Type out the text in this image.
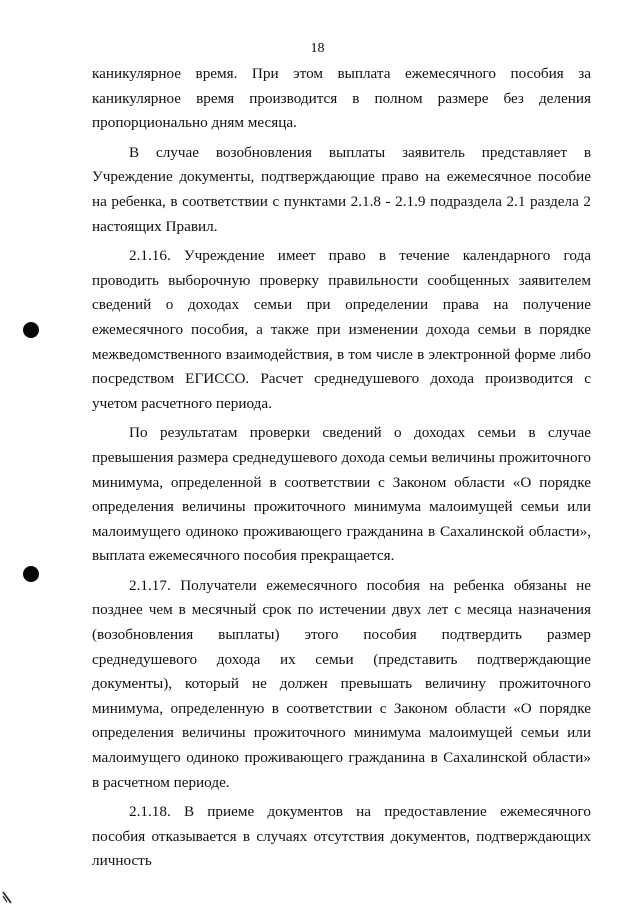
18

каникулярное время. При этом выплата ежемесячного пособия за каникулярное время производится в полном размере без деления пропорционально дням месяца.

В случае возобновления выплаты заявитель представляет в Учреждение документы, подтверждающие право на ежемесячное пособие на ребенка, в соответствии с пунктами 2.1.8 - 2.1.9 подраздела 2.1 раздела 2 настоящих Правил.

2.1.16. Учреждение имеет право в течение календарного года проводить выборочную проверку правильности сообщенных заявителем сведений о доходах семьи при определении права на получение ежемесячного пособия, а также при изменении дохода семьи в порядке межведомственного взаимодействия, в том числе в электронной форме либо посредством ЕГИССО. Расчет среднедушевого дохода производится с учетом расчетного периода.

По результатам проверки сведений о доходах семьи в случае превышения размера среднедушевого дохода семьи величины прожиточного минимума, определенной в соответствии с Законом области «О порядке определения величины прожиточного минимума малоимущей семьи или малоимущего одиноко проживающего гражданина в Сахалинской области», выплата ежемесячного пособия прекращается.

2.1.17. Получатели ежемесячного пособия на ребенка обязаны не позднее чем в месячный срок по истечении двух лет с месяца назначения (возобновления выплаты) этого пособия подтвердить размер среднедушевого дохода их семьи (представить подтверждающие документы), который не должен превышать величину прожиточного минимума, определенную в соответствии с Законом области «О порядке определения величины прожиточного минимума малоимущей семьи или малоимущего одиноко проживающего гражданина в Сахалинской области» в расчетном периоде.

2.1.18. В приеме документов на предоставление ежемесячного пособия отказывается в случаях отсутствия документов, подтверждающих личность
